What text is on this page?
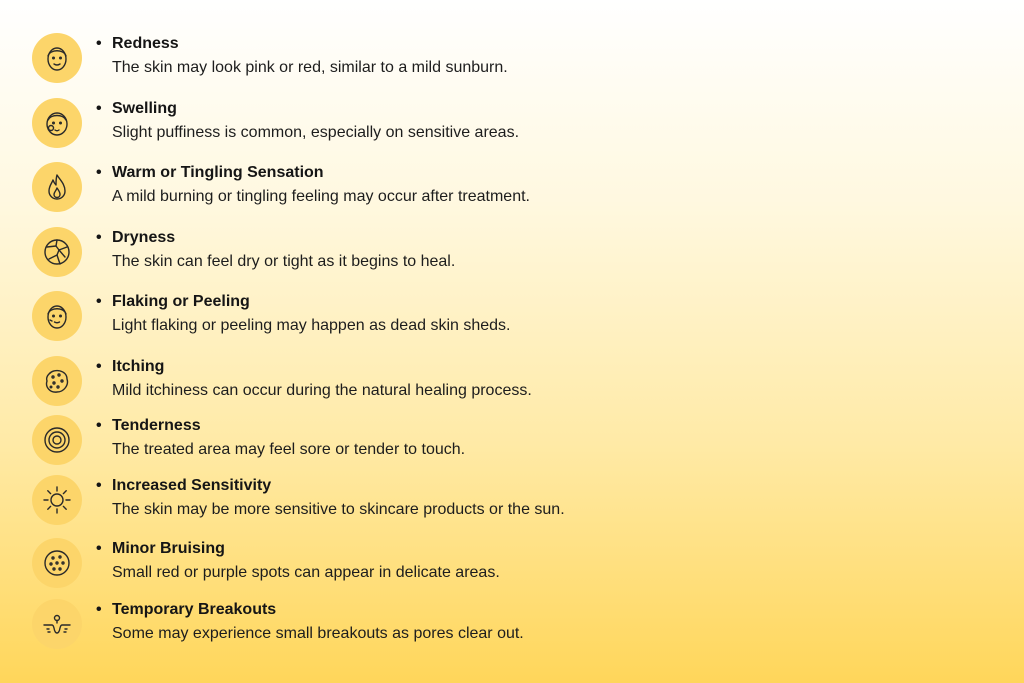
• Redness
The skin may look pink or red, similar to a mild sunburn.
• Swelling
Slight puffiness is common, especially on sensitive areas.
• Warm or Tingling Sensation
A mild burning or tingling feeling may occur after treatment.
• Dryness
The skin can feel dry or tight as it begins to heal.
• Flaking or Peeling
Light flaking or peeling may happen as dead skin sheds.
• Itching
Mild itchiness can occur during the natural healing process.
• Tenderness
The treated area may feel sore or tender to touch.
• Increased Sensitivity
The skin may be more sensitive to skincare products or the sun.
• Minor Bruising
Small red or purple spots can appear in delicate areas.
• Temporary Breakouts
Some may experience small breakouts as pores clear out.
